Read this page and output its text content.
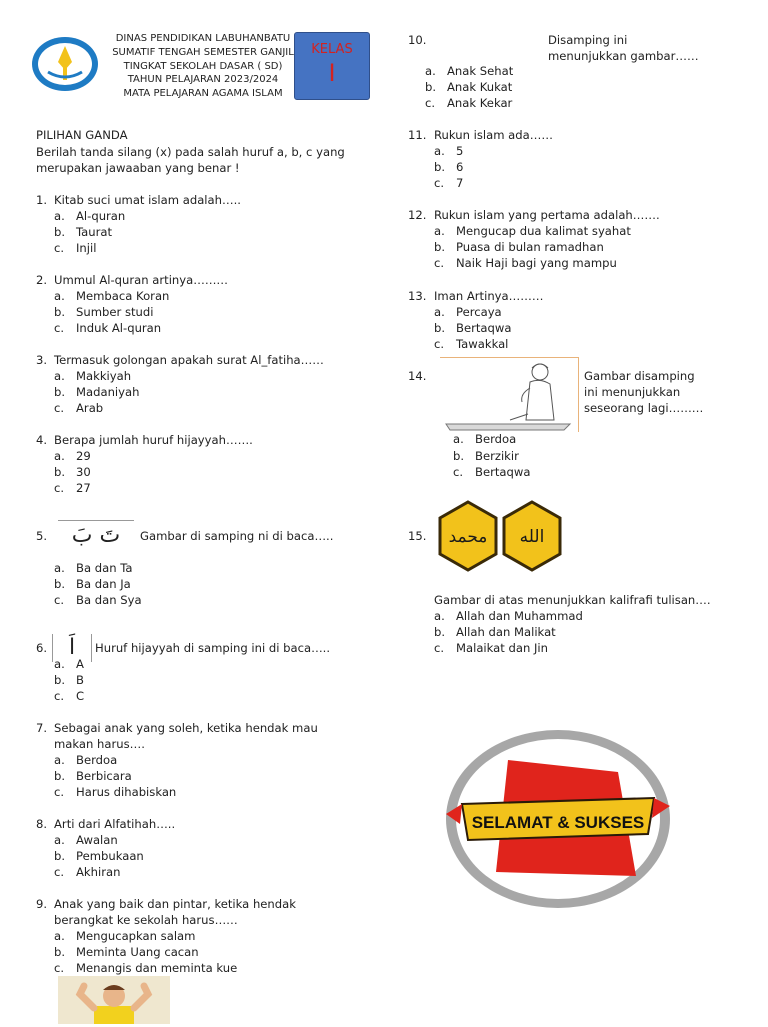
DINAS PENDIDIKAN LABUHANBATU
SUMATIF TENGAH SEMESTER GANJIL
TINGKAT SEKOLAH DASAR ( SD)
TAHUN PELAJARAN 2023/2024
MATA PELAJARAN AGAMA ISLAM
KELAS
I
PILIHAN GANDA
Berilah tanda silang (x) pada salah huruf a, b, c yang
merupakan jawaaban yang benar !
1. Kitab suci umat islam adalah…..
a. Al-quran
b. Taurat
c. Injil
2. Ummul Al-quran artinya………
a. Membaca Koran
b. Sumber studi
c. Induk Al-quran
3. Termasuk golongan apakah surat Al_fatiha……
a. Makkiyah
b. Madaniyah
c. Arab
4. Berapa jumlah huruf hijayyah…….
a. 29
b. 30
c. 27
5.	تَ بَ	Gambar di samping ni di baca…..
a. Ba dan Ta
b. Ba dan Ja
c. Ba dan Sya
6. اَ	Huruf hijayyah di samping ini di baca…..
a. A
b. B
c. C
7. Sebagai anak yang soleh, ketika hendak mau
makan harus….
a. Berdoa
b. Berbicara
c. Harus dihabiskan
8. Arti dari Alfatihah…..
a. Awalan
b. Pembukaan
c. Akhiran
9. Anak yang baik dan pintar, ketika hendak
berangkat ke sekolah harus……
a. Mengucapkan salam
b. Meminta Uang cacan
c. Menangis dan meminta kue
10.	Disamping ini
menunjukkan gambar……
a. Anak Sehat
b. Anak Kukat
c. Anak Kekar
11. Rukun islam ada……
a. 5
b. 6
c. 7
12. Rukun islam yang pertama adalah…….
a. Mengucap dua kalimat syahat
b. Puasa di bulan ramadhan
c. Naik Haji bagi yang mampu
13. Iman Artinya………
a. Percaya
b. Bertaqwa
c. Tawakkal
14.	Gambar disamping
ini menunjukkan
seseorang lagi………
a. Berdoa
b. Berzikir
c. Bertaqwa
15. محمد الله
Gambar di atas menunjukkan kalifrafi tulisan….
a. Allah dan Muhammad
b. Allah dan Malikat
c. Malaikat dan Jin
SELAMAT & SUKSES
